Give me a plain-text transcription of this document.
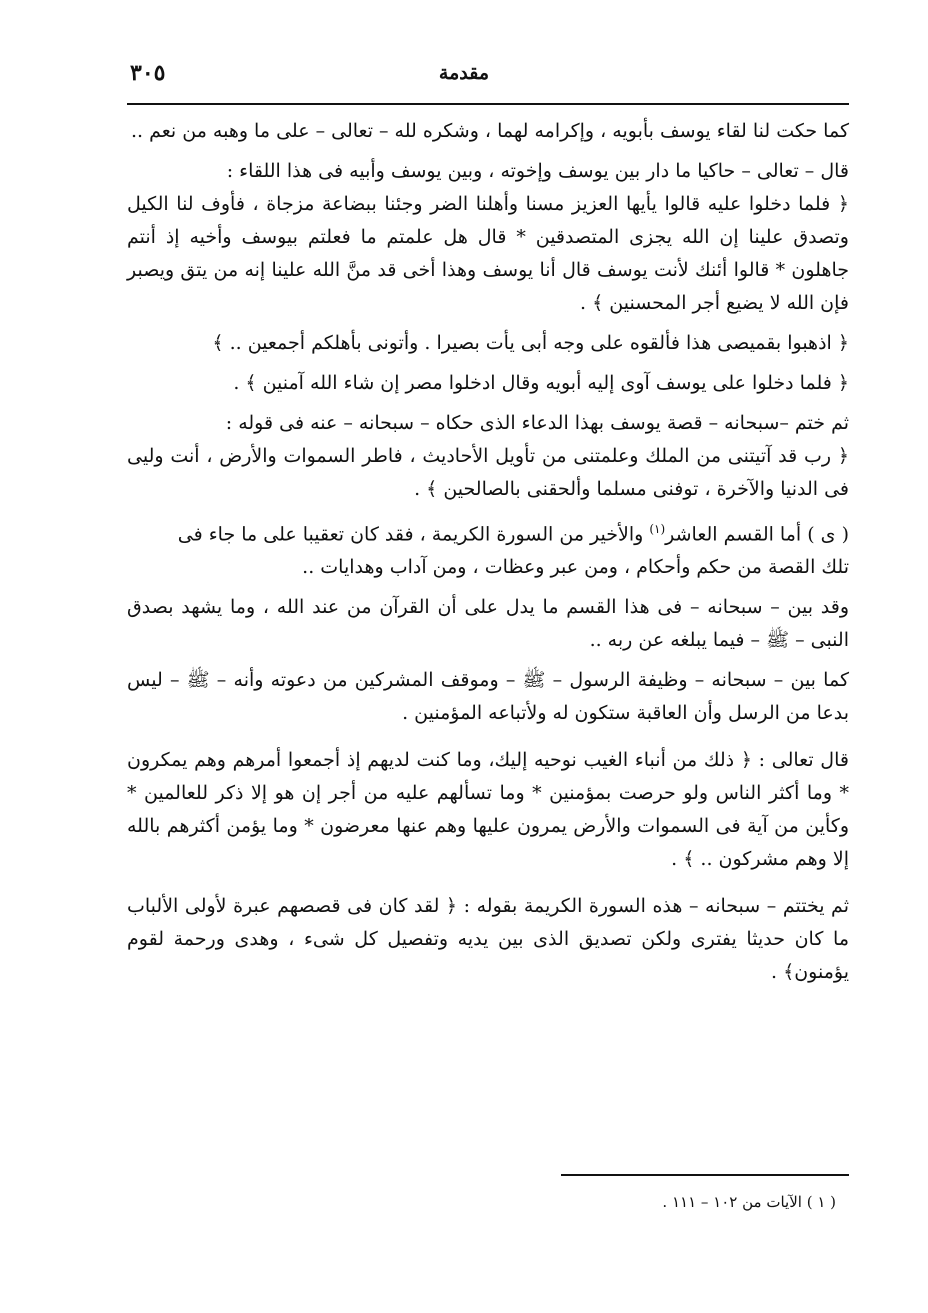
٣٠٥	مقدمة

كما حكت لنا لقاء يوسف بأبويه ، وإكرامه لهما ، وشكره لله – تعالى – على ما وهبه من نعم ..

قال – تعالى – حاكيا ما دار بين يوسف وإخوته ، وبين يوسف وأبيه فى هذا اللقاء :

﴿ فلما دخلوا عليه قالوا يأيها العزيز مسنا وأهلنا الضر وجئنا ببضاعة مزجاة ، فأوف لنا الكيل وتصدق علينا إن الله يجزى المتصدقين * قال هل علمتم ما فعلتم بيوسف وأخيه إذ أنتم جاهلون * قالوا أئنك لأنت يوسف قال أنا يوسف وهذا أخى قد منَّ الله علينا إنه من يتق ويصبر فإن الله لا يضيع أجر المحسنين ﴾ .

﴿ اذهبوا بقميصى هذا فألقوه على وجه أبى يأت بصيرا . وأتونى بأهلكم أجمعين .. ﴾

﴿ فلما دخلوا على يوسف آوى إليه أبويه وقال ادخلوا مصر إن شاء الله آمنين ﴾ .

ثم ختم –سبحانه – قصة يوسف بهذا الدعاء الذى حكاه – سبحانه – عنه فى قوله :

﴿ رب قد آتيتنى من الملك وعلمتنى من تأويل الأحاديث ، فاطر السموات والأرض ، أنت وليى فى الدنيا والآخرة ، توفنى مسلما وألحقنى بالصالحين ﴾ .

( ى ) أما القسم العاشر$^{(١)}$ والأخير من السورة الكريمة ، فقد كان تعقيبا على ما جاء فى

تلك القصة من حكم وأحكام ، ومن عبر وعظات ، ومن آداب وهدايات ..

وقد بين – سبحانه – فى هذا القسم ما يدل على أن القرآن من عند الله ، وما يشهد بصدق النبى – ﷺ – فيما يبلغه عن ربه ..

كما بين – سبحانه – وظيفة الرسول – ﷺ – وموقف المشركين من دعوته وأنه – ﷺ – ليس بدعا من الرسل وأن العاقبة ستكون له ولأتباعه المؤمنين .

قال تعالى : ﴿ ذلك من أنباء الغيب نوحيه إليك، وما كنت لديهم إذ أجمعوا أمرهم وهم يمكرون * وما أكثر الناس ولو حرصت بمؤمنين * وما تسألهم عليه من أجر إن هو إلا ذكر للعالمين * وكأين من آية فى السموات والأرض يمرون عليها وهم عنها معرضون * وما يؤمن أكثرهم بالله إلا وهم مشركون .. ﴾ .

ثم يختتم – سبحانه – هذه السورة الكريمة بقوله : ﴿ لقد كان فى قصصهم عبرة لأولى الألباب ما كان حديثا يفترى ولكن تصديق الذى بين يديه وتفصيل كل شىء ، وهدى ورحمة لقوم يؤمنون﴾ .

( ١ ) الآيات من ١٠٢ – ١١١ .
